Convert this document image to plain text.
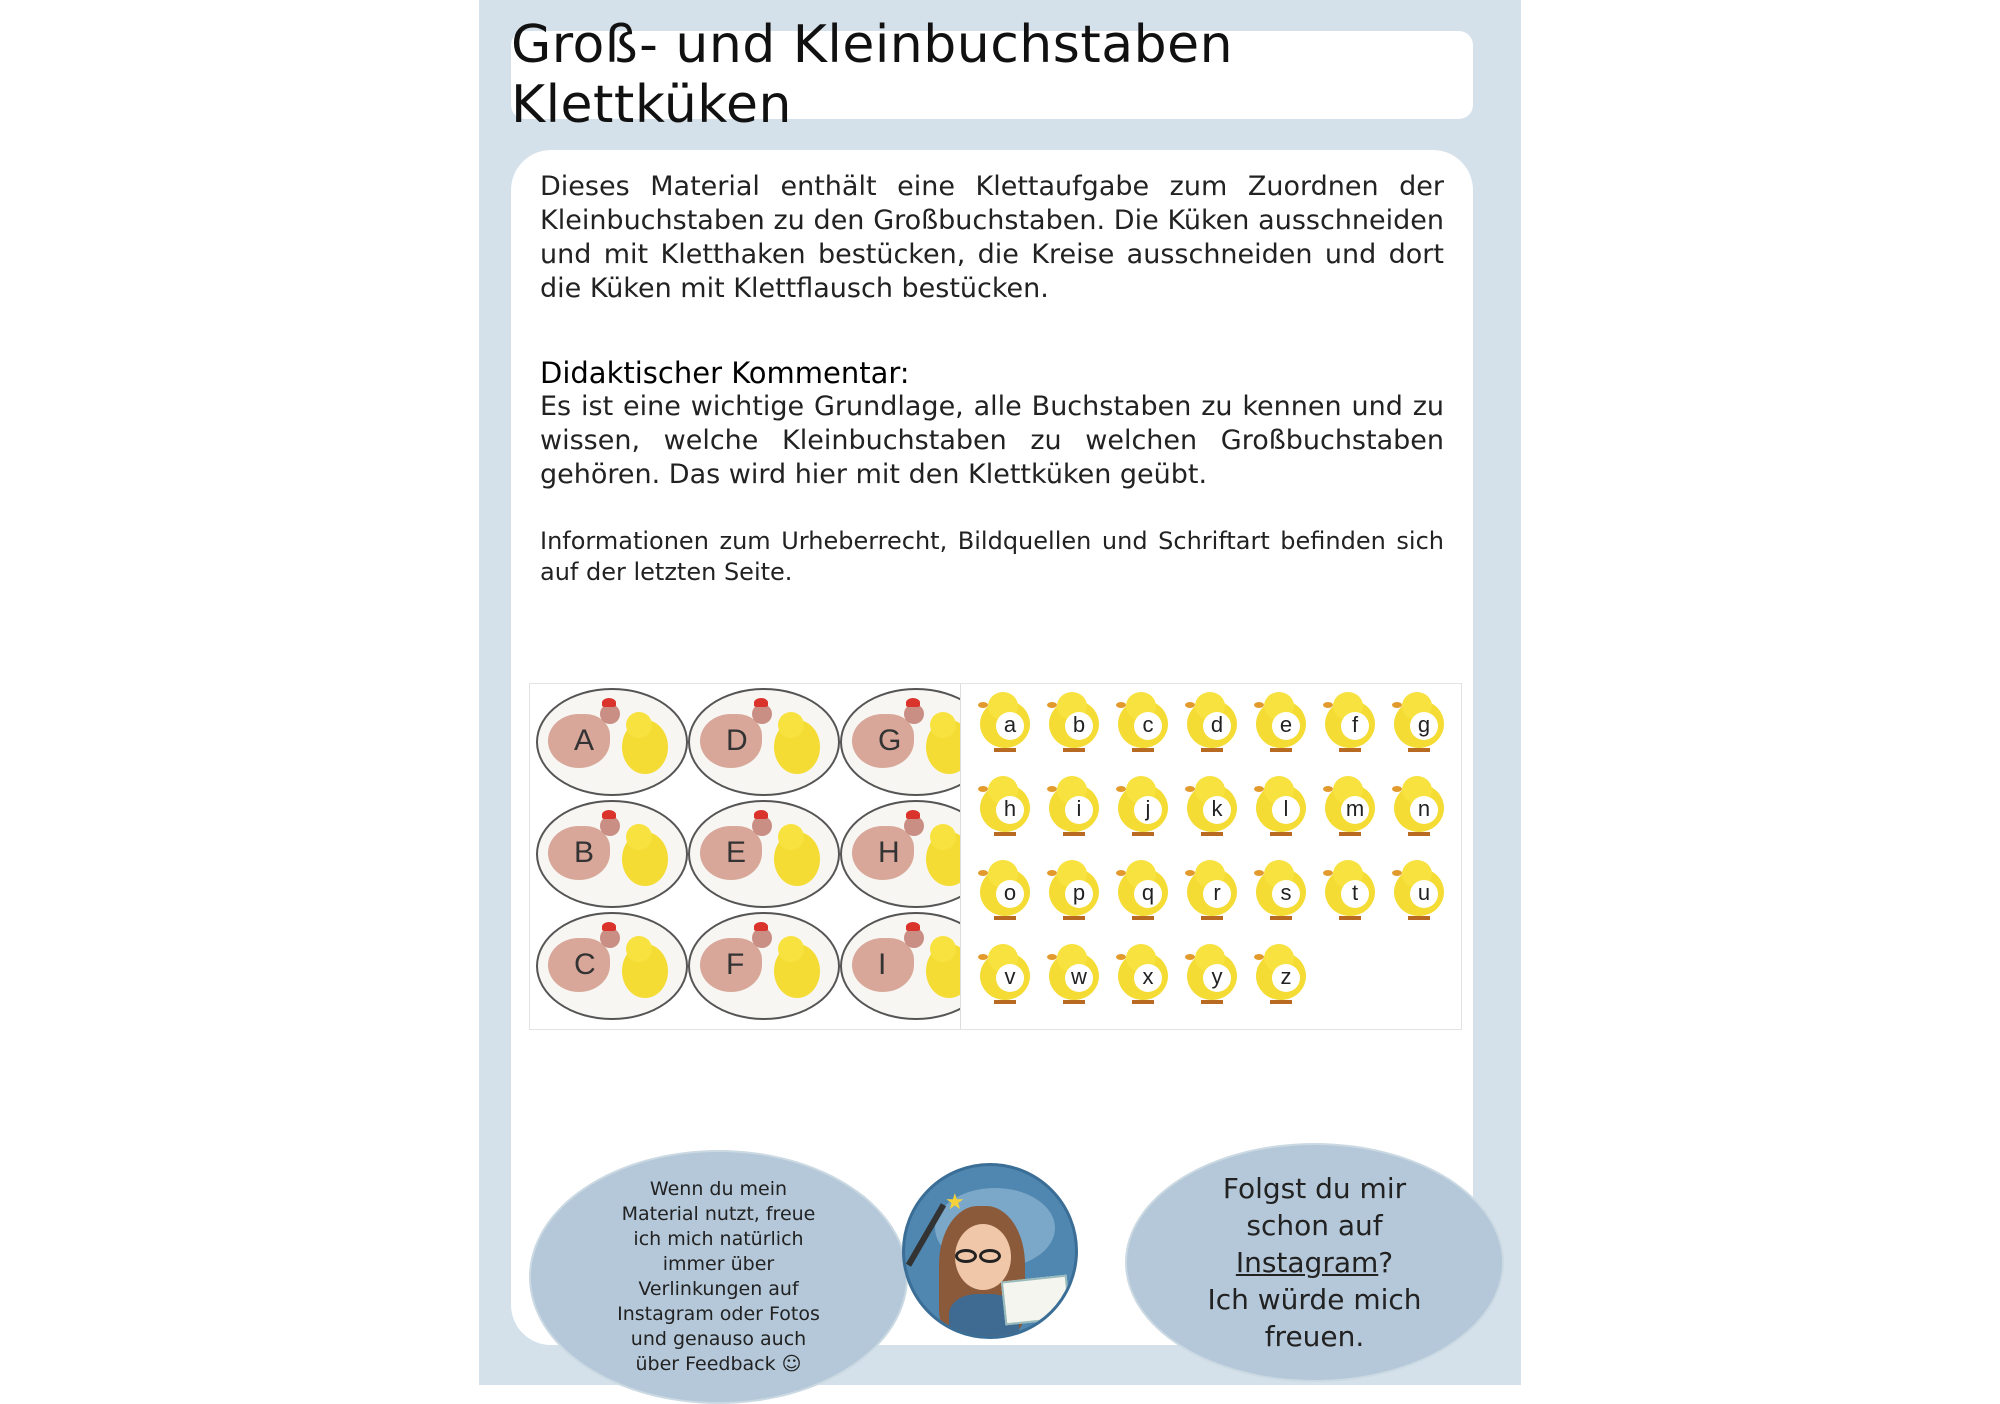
Groß- und Kleinbuchstaben Klettküken

Dieses Material enthält eine Klettaufgabe zum Zuordnen der Kleinbuchstaben zu den Großbuchstaben. Die Küken ausschneiden und mit Kletthaken bestücken, die Kreise ausschneiden und dort die Küken mit Klettflausch bestücken.

Didaktischer Kommentar:

Es ist eine wichtige Grundlage, alle Buchstaben zu kennen und zu wissen, welche Kleinbuchstaben zu welchen Großbuchstaben gehören. Das wird hier mit den Klettküken geübt.

Informationen zum Urheberrecht, Bildquellen und Schriftart befinden sich auf der letzten Seite.

A	D	G
B	E	H
C	F	I
a	b	c	d	e	f	g
h	i	j	k	l	m	n
o	p	q	r	s	t	u
v	w	x	y	z

Wenn du mein Material nutzt, freue ich mich natürlich immer über Verlinkungen auf Instagram oder Fotos und genauso auch über Feedback ☺

★	Folgst du mir schon auf
Instagram?
Ich würde mich freuen.
